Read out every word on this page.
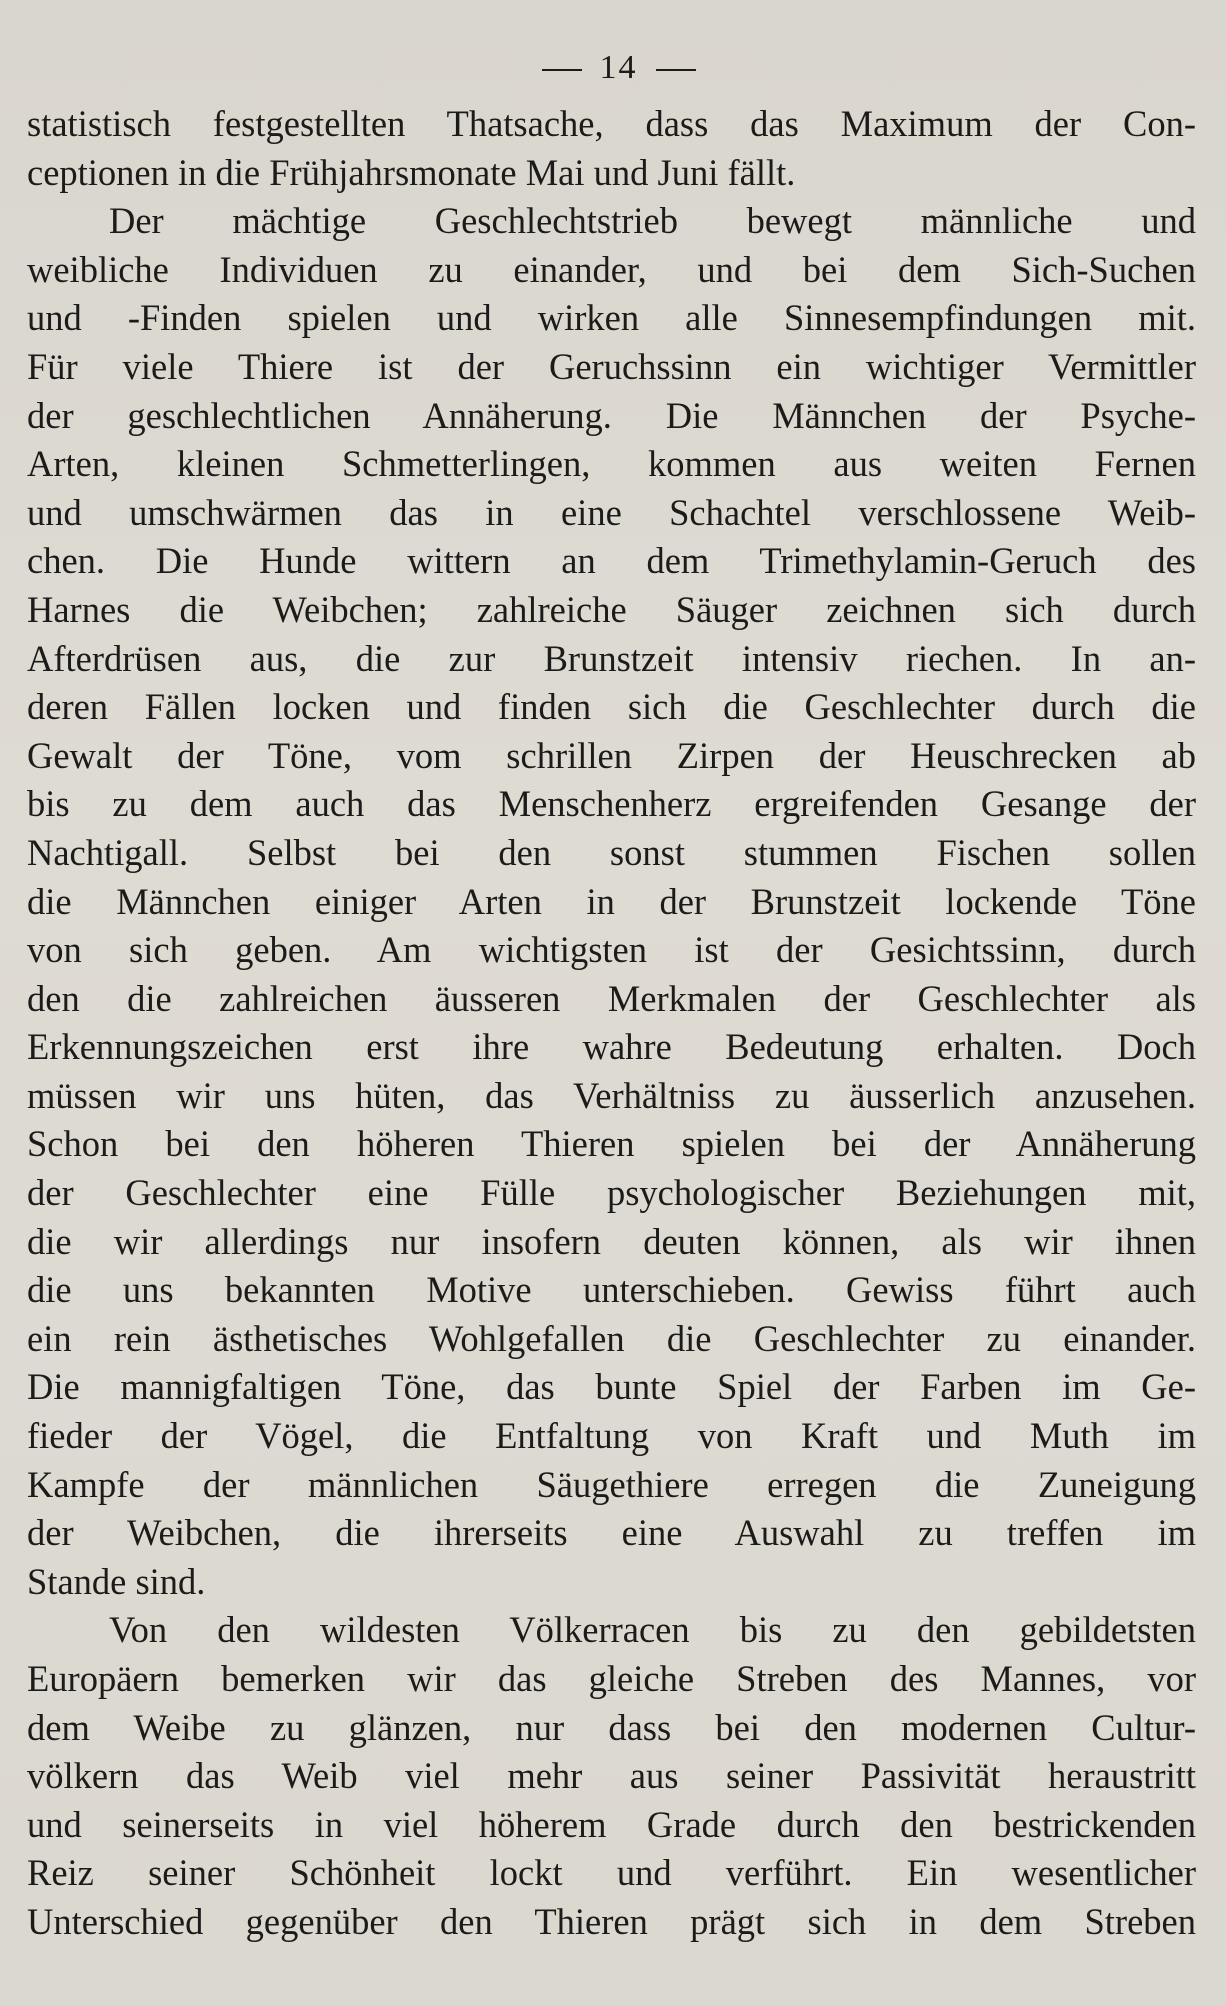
14
statistisch festgestellten Thatsache, dass das Maximum der Con-
ceptionen in die Frühjahrsmonate Mai und Juni fällt.
Der mächtige Geschlechtstrieb bewegt männliche und
weibliche Individuen zu einander, und bei dem Sich-Suchen
und -Finden spielen und wirken alle Sinnesempfindungen mit.
Für viele Thiere ist der Geruchssinn ein wichtiger Vermittler
der geschlechtlichen Annäherung. Die Männchen der Psyche-
Arten, kleinen Schmetterlingen, kommen aus weiten Fernen
und umschwärmen das in eine Schachtel verschlossene Weib-
chen. Die Hunde wittern an dem Trimethylamin-Geruch des
Harnes die Weibchen; zahlreiche Säuger zeichnen sich durch
Afterdrüsen aus, die zur Brunstzeit intensiv riechen. In an-
deren Fällen locken und finden sich die Geschlechter durch die
Gewalt der Töne, vom schrillen Zirpen der Heuschrecken ab
bis zu dem auch das Menschenherz ergreifenden Gesange der
Nachtigall. Selbst bei den sonst stummen Fischen sollen
die Männchen einiger Arten in der Brunstzeit lockende Töne
von sich geben. Am wichtigsten ist der Gesichtssinn, durch
den die zahlreichen äusseren Merkmalen der Geschlechter als
Erkennungszeichen erst ihre wahre Bedeutung erhalten. Doch
müssen wir uns hüten, das Verhältniss zu äusserlich anzusehen.
Schon bei den höheren Thieren spielen bei der Annäherung
der Geschlechter eine Fülle psychologischer Beziehungen mit,
die wir allerdings nur insofern deuten können, als wir ihnen
die uns bekannten Motive unterschieben. Gewiss führt auch
ein rein ästhetisches Wohlgefallen die Geschlechter zu einander.
Die mannigfaltigen Töne, das bunte Spiel der Farben im Ge-
fieder der Vögel, die Entfaltung von Kraft und Muth im
Kampfe der männlichen Säugethiere erregen die Zuneigung
der Weibchen, die ihrerseits eine Auswahl zu treffen im
Stande sind.
Von den wildesten Völkerracen bis zu den gebildetsten
Europäern bemerken wir das gleiche Streben des Mannes, vor
dem Weibe zu glänzen, nur dass bei den modernen Cultur-
völkern das Weib viel mehr aus seiner Passivität heraustritt
und seinerseits in viel höherem Grade durch den bestrickenden
Reiz seiner Schönheit lockt und verführt. Ein wesentlicher
Unterschied gegenüber den Thieren prägt sich in dem Streben
